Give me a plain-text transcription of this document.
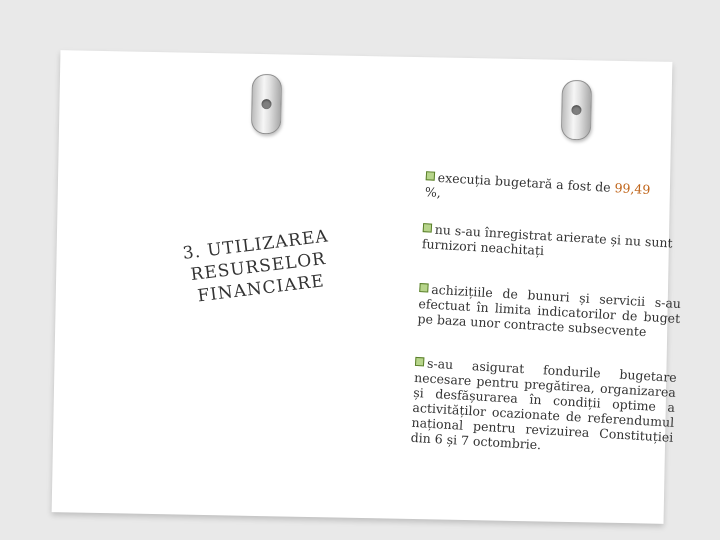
3. UTILIZAREA RESURSELOR FINANCIARE
execuția bugetară a fost de 99,49
%,
nu s-au înregistrat arierate și nu sunt furnizori neachitați
achizițiile de bunuri și servicii s-au efectuat în limita indicatorilor de buget pe baza unor contracte subsecvente
s-au asigurat fondurile bugetare necesare pentru pregătirea, organizarea și desfășurarea în condiții optime a activităților ocazionate de referendumul național pentru revizuirea Constituției din 6 și 7 octombrie.
